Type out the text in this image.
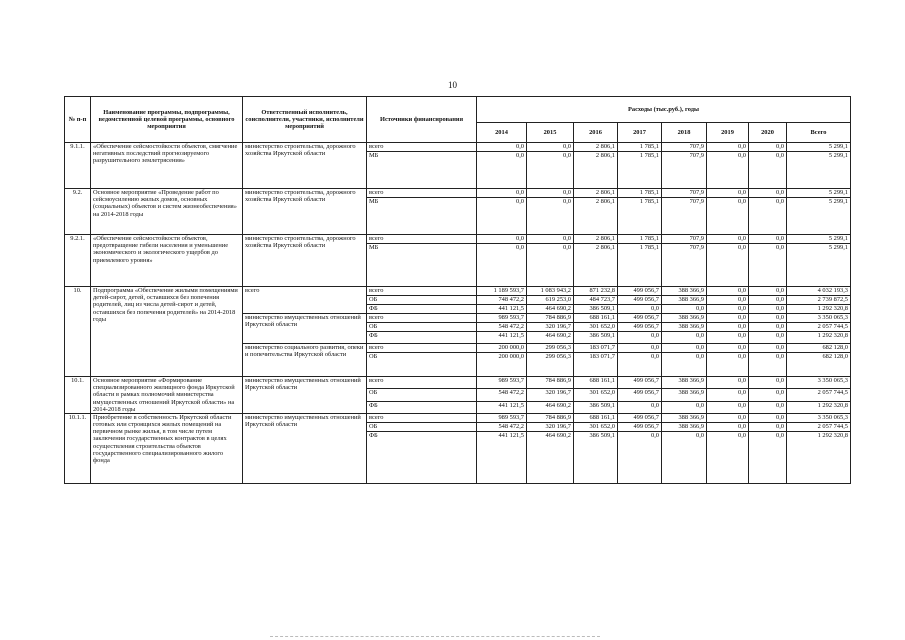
10
№ п-п	Наименование программы, подпрограммы, ведомственной целевой программы, основного мероприятия	Ответственный исполнитель, соисполнители, участники, исполнители мероприятий	Источники финансирования	Расходы (тыс.руб.), годы							
				2014	2015	2016	2017	2018	2019	2020	Всего
9.1.1.	«Обеспечение сейсмостойкости объектов, смягчение негативных последствий прогнозируемого разрушительного землетрясения»	министерство строительства, дорожного хозяйства Иркутской области	всего	0,0	0,0	2 806,1	1 785,1	707,9	0,0	0,0	5 299,1
			МБ	0,0	0,0	2 806,1	1 785,1	707,9	0,0	0,0	5 299,1
9.2.	Основное мероприятие «Проведение работ по сейсмоусилению жилых домов, основных (социальных) объектов и систем жизнеобеспечения» на 2014-2018 годы	министерство строительства, дорожного хозяйства Иркутской области	всего	0,0	0,0	2 806,1	1 785,1	707,9	0,0	0,0	5 299,1
			МБ	0,0	0,0	2 806,1	1 785,1	707,9	0,0	0,0	5 299,1
9.2.1.	«Обеспечение сейсмостойкости объектов, предотвращение гибели населения и уменьшение экономического и экологического ущербов до приемлемого уровня»	министерство строительства, дорожного хозяйства Иркутской области	всего	0,0	0,0	2 806,1	1 785,1	707,9	0,0	0,0	5 299,1
			МБ	0,0	0,0	2 806,1	1 785,1	707,9	0,0	0,0	5 299,1
10.	Подпрограмма «Обеспечение жилыми помещениями детей-сирот, детей, оставшихся без попечения родителей, лиц из числа детей-сирот и детей, оставшихся без попечения родителей» на 2014-2018 годы	всего	всего	1 189 593,7	1 083 943,2	871 232,8	499 056,7	388 366,9	0,0	0,0	4 032 193,3
			ОБ	748 472,2	619 253,0	484 723,7	499 056,7	388 366,9	0,0	0,0	2 739 872,5
			ФБ	441 121,5	464 690,2	386 509,1	0,0	0,0	0,0	0,0	1 292 320,8
		министерство имущественных отношений Иркутской области	всего	989 593,7	784 886,9	688 161,1	499 056,7	388 366,9	0,0	0,0	3 350 065,3
			ОБ	548 472,2	320 196,7	301 652,0	499 056,7	388 366,9	0,0	0,0	2 057 744,5
			ФБ	441 121,5	464 690,2	386 509,1	0,0	0,0	0,0	0,0	1 292 320,8
		министерство социального развития, опеки и попечительства Иркутской области	всего	200 000,0	299 056,3	183 071,7	0,0	0,0	0,0	0,0	682 128,0
			ОБ	200 000,0	299 056,3	183 071,7	0,0	0,0	0,0	0,0	682 128,0
10.1.	Основное мероприятие «Формирование специализированного жилищного фонда Иркутской области в рамках полномочий министерства имущественных отношений Иркутской области» на 2014-2018 годы	министерство имущественных отношений Иркутской области	всего	989 593,7	784 886,9	688 161,1	499 056,7	388 366,9	0,0	0,0	3 350 065,3
			ОБ	548 472,2	320 196,7	301 652,0	499 056,7	388 366,9	0,0	0,0	2 057 744,5
			ФБ	441 121,5	464 690,2	386 509,1	0,0	0,0	0,0	0,0	1 292 320,8
10.1.1.	Приобретение в собственность Иркутской области готовых или строящихся жилых помещений на первичном рынке жилья, в том числе путем заключения государственных контрактов в целях осуществления строительства объектов государственного специализированного жилого фонда	министерство имущественных отношений Иркутской области	всего	989 593,7	784 886,9	688 161,1	499 056,7	388 366,9	0,0	0,0	3 350 065,3
			ОБ	548 472,2	320 196,7	301 652,0	499 056,7	388 366,9	0,0	0,0	2 057 744,5
			ФБ	441 121,5	464 690,2	386 509,1	0,0	0,0	0,0	0,0	1 292 320,8
